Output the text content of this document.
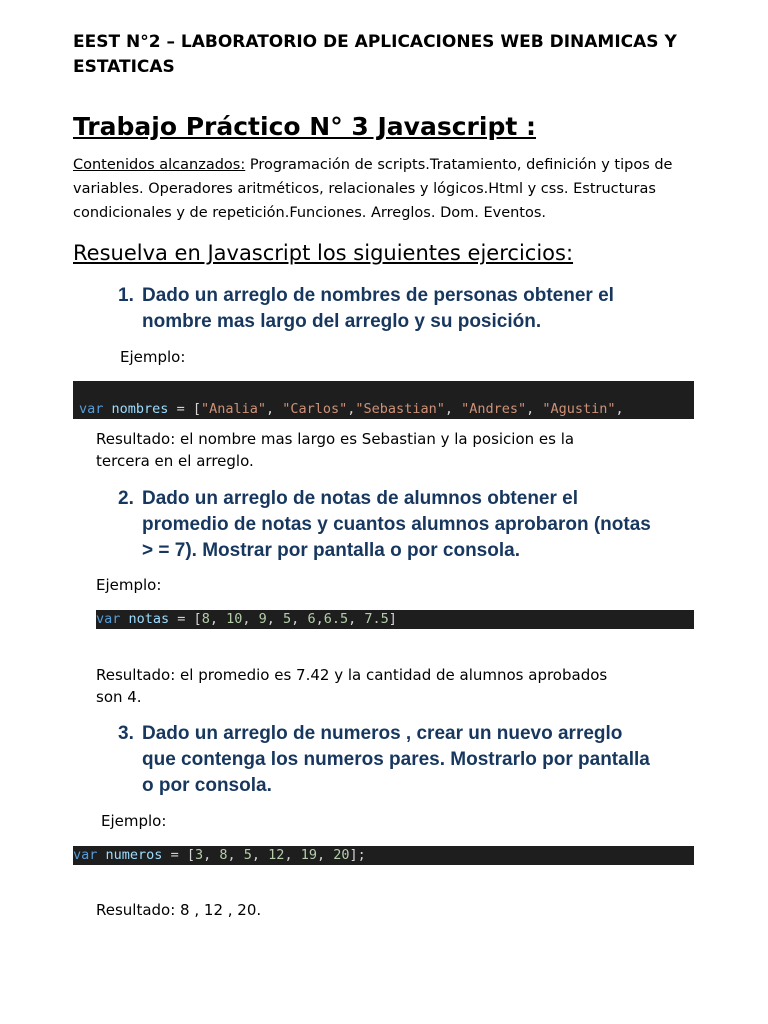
EEST N°2 – LABORATORIO DE APLICACIONES WEB DINAMICAS Y
ESTATICAS
Trabajo Práctico N° 3 Javascript :
Contenidos alcanzados: Programación de scripts.Tratamiento, definición y tipos de
variables. Operadores aritméticos, relacionales y lógicos.Html y css. Estructuras
condicionales y de repetición.Funciones. Arreglos. Dom. Eventos.
Resuelva en Javascript los siguientes ejercicios:
1. Dado un arreglo de nombres de personas obtener el
nombre mas largo del arreglo y su posición.
Ejemplo:

var nombres = ["Analia", "Carlos","Sebastian", "Andres", "Agustin",

Resultado: el nombre mas largo es Sebastian y la posicion es la
tercera en el arreglo.
2. Dado un arreglo de notas de alumnos obtener el
promedio de notas y cuantos alumnos aprobaron (notas
> = 7). Mostrar por pantalla o por consola.
Ejemplo:
var notas = [8, 10, 9, 5, 6,6.5, 7.5]
Resultado: el promedio es 7.42 y la cantidad de alumnos aprobados
son 4.
3. Dado un arreglo de numeros , crear un nuevo arreglo
que contenga los numeros pares. Mostrarlo por pantalla
o por consola.
Ejemplo:
var numeros = [3, 8, 5, 12, 19, 20];
Resultado: 8 , 12 , 20.
